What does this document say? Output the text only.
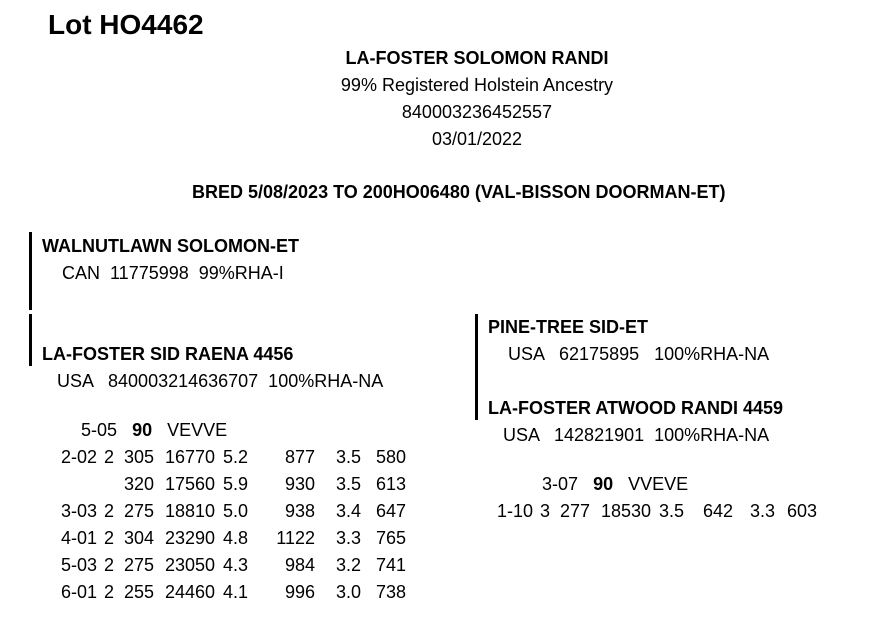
Lot HO4462
LA-FOSTER SOLOMON RANDI
99% Registered Holstein Ancestry
840003236452557
03/01/2022
BRED 5/08/2023 TO 200HO06480 (VAL-BISSON DOORMAN-ET)
WALNUTLAWN SOLOMON-ET
CAN  11775998  99%RHA-I
LA-FOSTER SID RAENA 4456
USA   840003214636707  100%RHA-NA

5-05 90 VEVVE

2-02 2 305 16770 5.2 877 3.5 580

320 17560 5.9 930 3.5 613

3-03 2 275 18810 5.0 938 3.4 647

4-01 2 304 23290 4.8 1122 3.3 765

5-03 2 275 23050 4.3 984 3.2 741

6-01 2 255 24460 4.1 996 3.0 738

PINE-TREE SID-ET
USA   62175895   100%RHA-NA
LA-FOSTER ATWOOD RANDI 4459
USA   142821901  100%RHA-NA

3-07 90 VVEVE

1-10 3 277 18530 3.5 642 3.3 603
